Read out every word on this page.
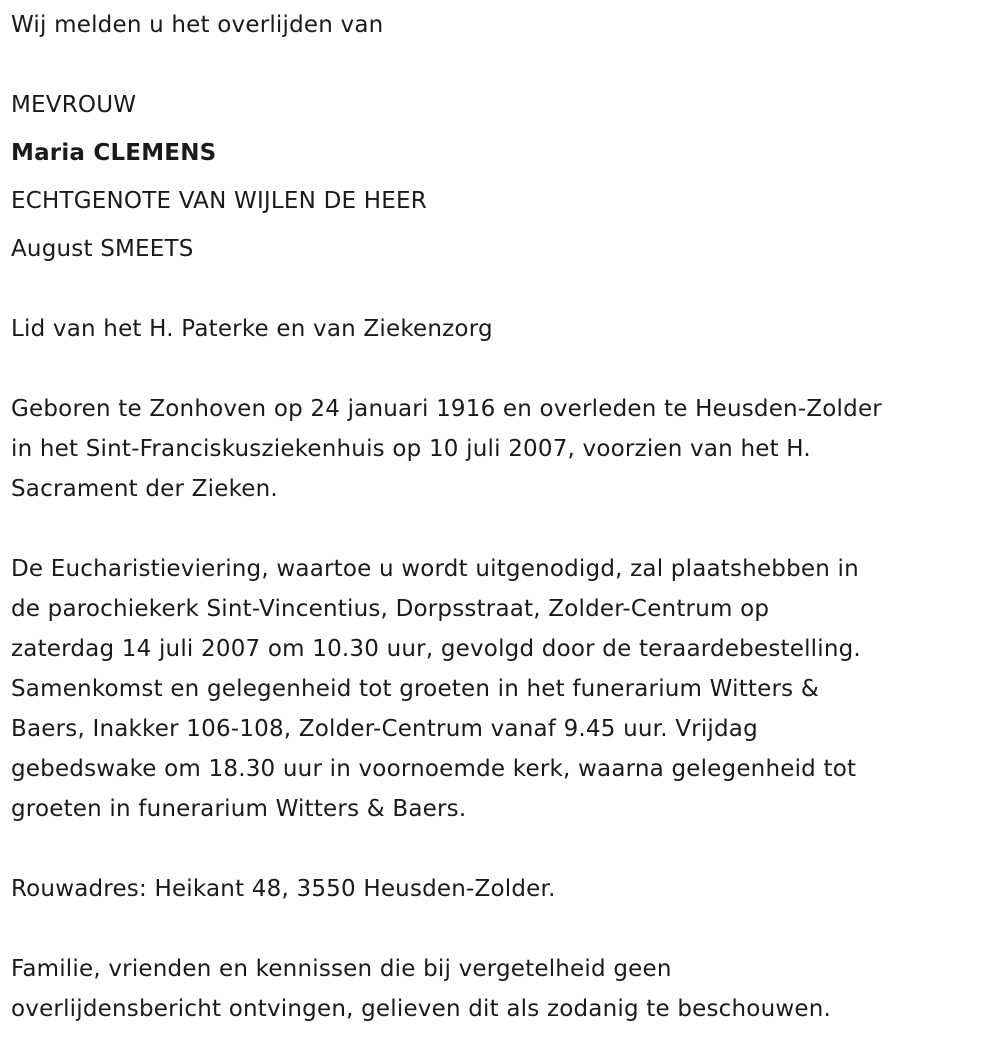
Wij melden u het overlijden van
MEVROUW
Maria CLEMENS
ECHTGENOTE VAN WIJLEN DE HEER
August SMEETS
Lid van het H. Paterke en van Ziekenzorg
Geboren te Zonhoven op 24 januari 1916 en overleden te Heusden-Zolder
in het Sint-Franciskusziekenhuis op 10 juli 2007, voorzien van het H.
Sacrament der Zieken.
De Eucharistieviering, waartoe u wordt uitgenodigd, zal plaatshebben in
de parochiekerk Sint-Vincentius, Dorpsstraat, Zolder-Centrum op
zaterdag 14 juli 2007 om 10.30 uur, gevolgd door de teraardebestelling.
Samenkomst en gelegenheid tot groeten in het funerarium Witters &
Baers, Inakker 106-108, Zolder-Centrum vanaf 9.45 uur. Vrijdag
gebedswake om 18.30 uur in voornoemde kerk, waarna gelegenheid tot
groeten in funerarium Witters & Baers.
Rouwadres: Heikant 48, 3550 Heusden-Zolder.
Familie, vrienden en kennissen die bij vergetelheid geen
overlijdensbericht ontvingen, gelieven dit als zodanig te beschouwen.
